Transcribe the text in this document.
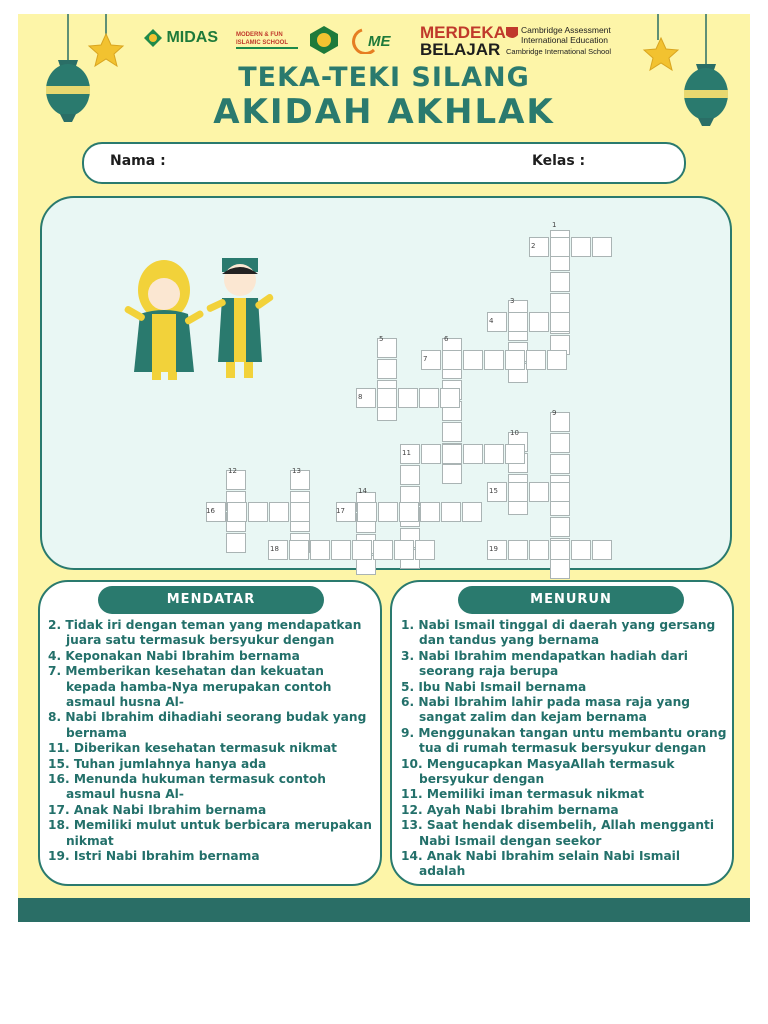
MIDAS	MODERN & FUN ISLAMIC SCHOOL	ME MERDEKA
BELAJAR
Cambridge Assessment
International Education
Cambridge International School
TEKA-TEKI SILANG
AKIDAH AKHLAK
Nama :	Kelas :
1
2
3
4
5	6
7
8
9
10
11
12	13
14	15
16	17
18	19
MENDATAR
2. Tidak iri dengan teman yang mendapatkan
juara satu termasuk bersyukur dengan
4. Keponakan Nabi Ibrahim bernama
7. Memberikan kesehatan dan kekuatan
kepada hamba-Nya merupakan contoh
asmaul husna Al-
8. Nabi Ibrahim dihadiahi seorang budak yang
bernama
11. Diberikan kesehatan termasuk nikmat
15. Tuhan jumlahnya hanya ada
16. Menunda hukuman termasuk contoh
asmaul husna Al-
17. Anak Nabi Ibrahim bernama
18. Memiliki mulut untuk berbicara merupakan
nikmat
19. Istri Nabi Ibrahim bernama
MENURUN
1. Nabi Ismail tinggal di daerah yang gersang
dan tandus yang bernama
3. Nabi Ibrahim mendapatkan hadiah dari
seorang raja berupa
5. Ibu Nabi Ismail bernama
6. Nabi Ibrahim lahir pada masa raja yang
sangat zalim dan kejam bernama
9. Menggunakan tangan untu membantu orang
tua di rumah termasuk bersyukur dengan
10. Mengucapkan MasyaAllah termasuk
bersyukur dengan
11. Memiliki iman termasuk nikmat
12. Ayah Nabi Ibrahim bernama
13. Saat hendak disembelih, Allah mengganti
Nabi Ismail dengan seekor
14. Anak Nabi Ibrahim selain Nabi Ismail
adalah
